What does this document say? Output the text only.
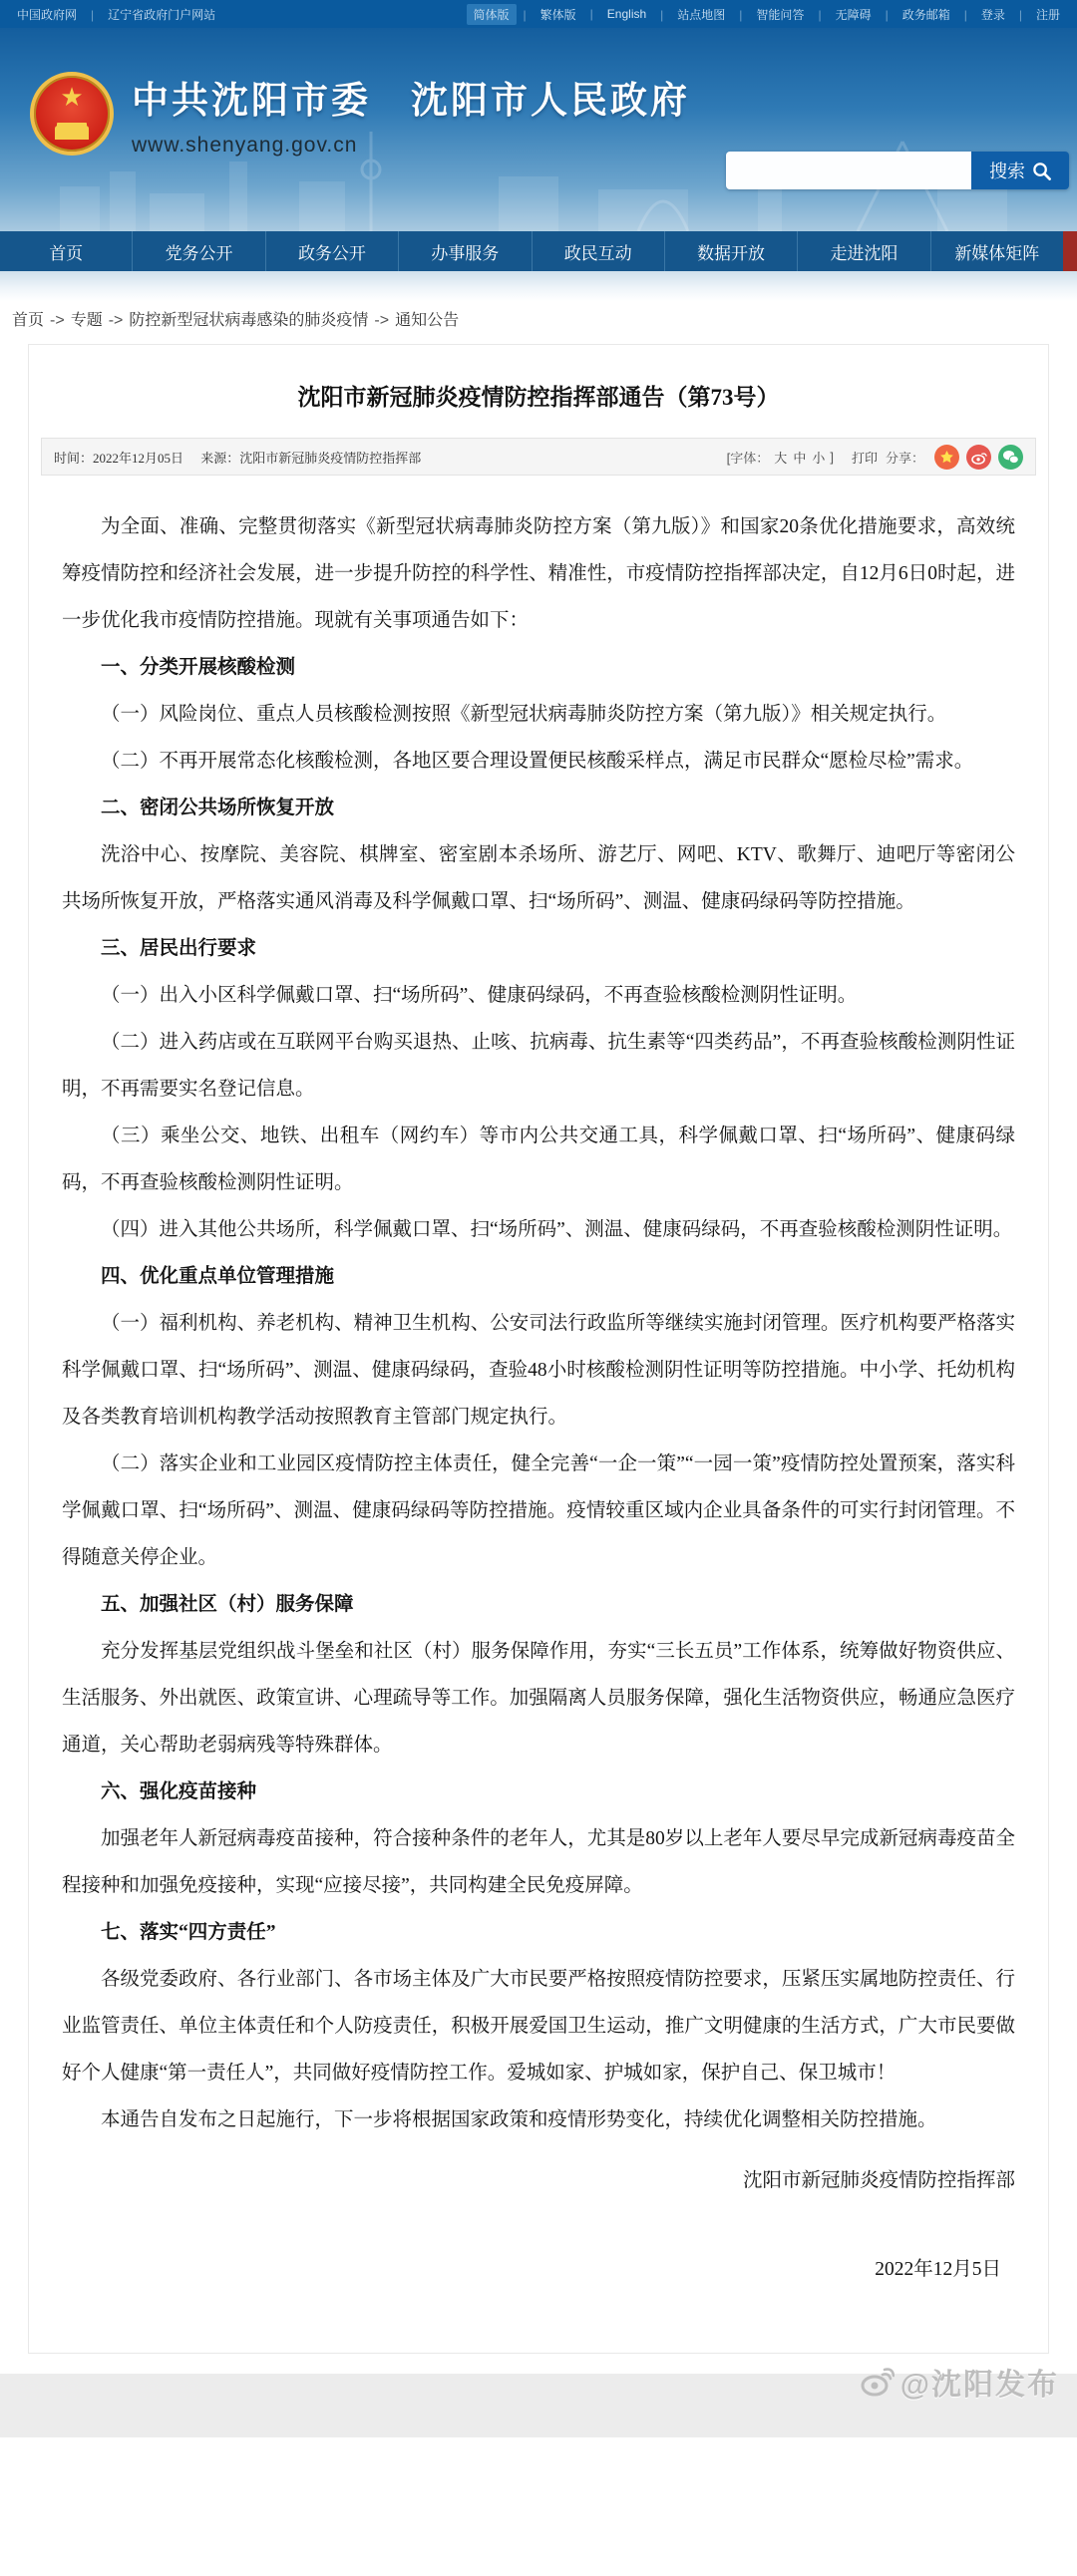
中国政府网	| 辽宁省政府门户网站	简体版	| 繁体版	| English	| 站点地图	| 智能问答	| 无障碍	| 政务邮箱	| 登录	| 注册
★ 中共沈阳市委　沈阳市人民政府
www.shenyang.gov.cn
搜索
首页	党务公开	政务公开	办事服务	政民互动	数据开放	走进沈阳	新媒体矩阵
首页 -> 专题 -> 防控新型冠状病毒感染的肺炎疫情 -> 通知公告
沈阳市新冠肺炎疫情防控指挥部通告（第73号）
时间：2022年12月05日 来源：沈阳市新冠肺炎疫情防控指挥部	[字体： 大 中 小 ] 打印 分享：

为全面、准确、完整贯彻落实《新型冠状病毒肺炎防控方案（第九版）》和国家20条优化措施要求，高效统筹疫情防控和经济社会发展，进一步提升防控的科学性、精准性，市疫情防控指挥部决定，自12月6日0时起，进一步优化我市疫情防控措施。现就有关事项通告如下：

一、分类开展核酸检测

（一）风险岗位、重点人员核酸检测按照《新型冠状病毒肺炎防控方案（第九版）》相关规定执行。

（二）不再开展常态化核酸检测，各地区要合理设置便民核酸采样点，满足市民群众“愿检尽检”需求。

二、密闭公共场所恢复开放

洗浴中心、按摩院、美容院、棋牌室、密室剧本杀场所、游艺厅、网吧、KTV、歌舞厅、迪吧厅等密闭公共场所恢复开放，严格落实通风消毒及科学佩戴口罩、扫“场所码”、测温、健康码绿码等防控措施。

三、居民出行要求

（一）出入小区科学佩戴口罩、扫“场所码”、健康码绿码，不再查验核酸检测阴性证明。

（二）进入药店或在互联网平台购买退热、止咳、抗病毒、抗生素等“四类药品”，不再查验核酸检测阴性证明，不再需要实名登记信息。

（三）乘坐公交、地铁、出租车（网约车）等市内公共交通工具，科学佩戴口罩、扫“场所码”、健康码绿码，不再查验核酸检测阴性证明。

（四）进入其他公共场所，科学佩戴口罩、扫“场所码”、测温、健康码绿码，不再查验核酸检测阴性证明。

四、优化重点单位管理措施

（一）福利机构、养老机构、精神卫生机构、公安司法行政监所等继续实施封闭管理。医疗机构要严格落实科学佩戴口罩、扫“场所码”、测温、健康码绿码，查验48小时核酸检测阴性证明等防控措施。中小学、托幼机构及各类教育培训机构教学活动按照教育主管部门规定执行。

（二）落实企业和工业园区疫情防控主体责任，健全完善“一企一策”“一园一策”疫情防控处置预案，落实科学佩戴口罩、扫“场所码”、测温、健康码绿码等防控措施。疫情较重区域内企业具备条件的可实行封闭管理。不得随意关停企业。

五、加强社区（村）服务保障

充分发挥基层党组织战斗堡垒和社区（村）服务保障作用，夯实“三长五员”工作体系，统筹做好物资供应、生活服务、外出就医、政策宣讲、心理疏导等工作。加强隔离人员服务保障，强化生活物资供应，畅通应急医疗通道，关心帮助老弱病残等特殊群体。

六、强化疫苗接种

加强老年人新冠病毒疫苗接种，符合接种条件的老年人，尤其是80岁以上老年人要尽早完成新冠病毒疫苗全程接种和加强免疫接种，实现“应接尽接”，共同构建全民免疫屏障。

七、落实“四方责任”

各级党委政府、各行业部门、各市场主体及广大市民要严格按照疫情防控要求，压紧压实属地防控责任、行业监管责任、单位主体责任和个人防疫责任，积极开展爱国卫生运动，推广文明健康的生活方式，广大市民要做好个人健康“第一责任人”，共同做好疫情防控工作。爱城如家、护城如家，保护自己、保卫城市！

本通告自发布之日起施行，下一步将根据国家政策和疫情形势变化，持续优化调整相关防控措施。

沈阳市新冠肺炎疫情防控指挥部

2022年12月5日

@沈阳发布
